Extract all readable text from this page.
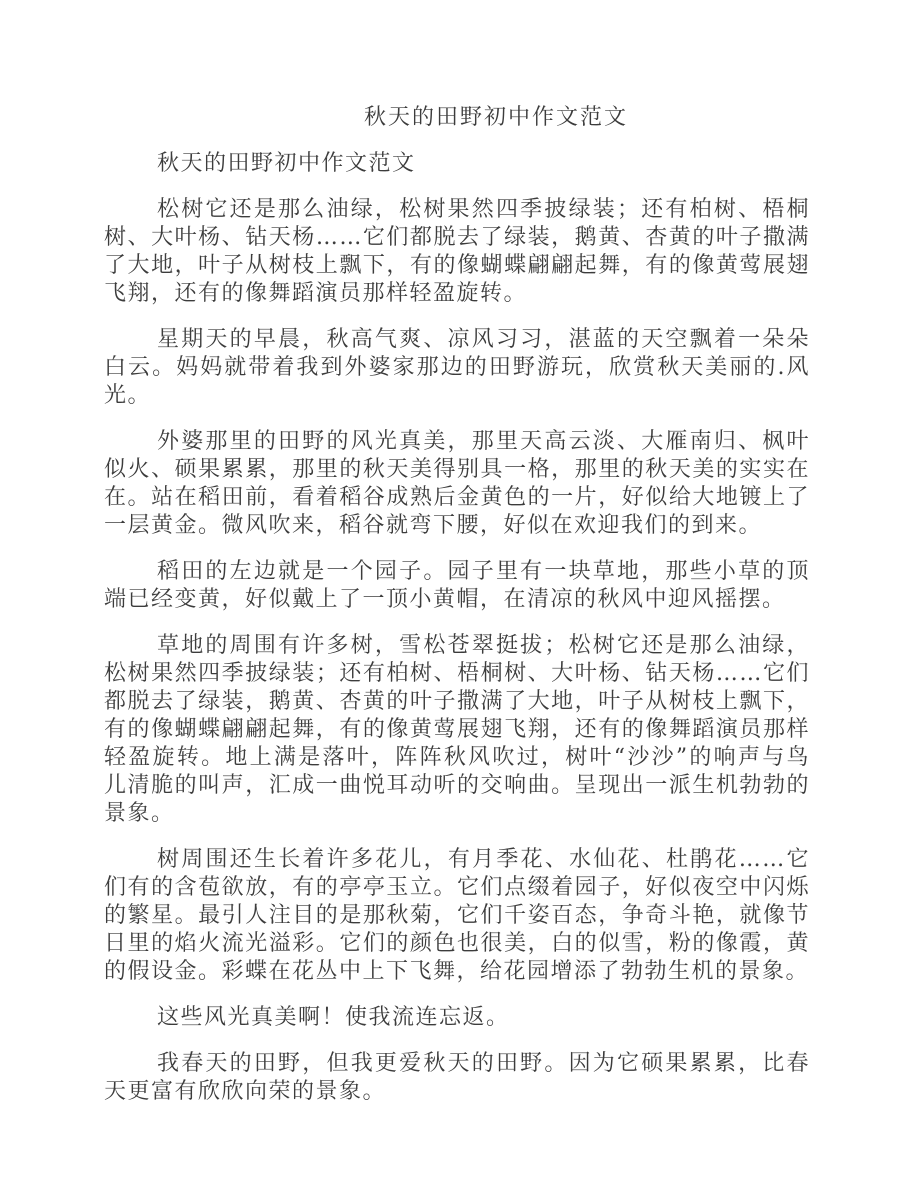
秋天的田野初中作文范文

秋天的田野初中作文范文

松树它还是那么油绿，松树果然四季披绿装；还有柏树、梧桐树、大叶杨、钻天杨……它们都脱去了绿装，鹅黄、杏黄的叶子撒满了大地，叶子从树枝上飘下，有的像蝴蝶翩翩起舞，有的像黄莺展翅飞翔，还有的像舞蹈演员那样轻盈旋转。

星期天的早晨，秋高气爽、凉风习习，湛蓝的天空飘着一朵朵白云。妈妈就带着我到外婆家那边的田野游玩，欣赏秋天美丽的.风光。

外婆那里的田野的风光真美，那里天高云淡、大雁南归、枫叶似火、硕果累累，那里的秋天美得别具一格，那里的秋天美的实实在在。站在稻田前，看着稻谷成熟后金黄色的一片，好似给大地镀上了一层黄金。微风吹来，稻谷就弯下腰，好似在欢迎我们的到来。

稻田的左边就是一个园子。园子里有一块草地，那些小草的顶端已经变黄，好似戴上了一顶小黄帽，在清凉的秋风中迎风摇摆。

草地的周围有许多树，雪松苍翠挺拔；松树它还是那么油绿，松树果然四季披绿装；还有柏树、梧桐树、大叶杨、钻天杨……它们都脱去了绿装，鹅黄、杏黄的叶子撒满了大地，叶子从树枝上飘下，有的像蝴蝶翩翩起舞，有的像黄莺展翅飞翔，还有的像舞蹈演员那样轻盈旋转。地上满是落叶，阵阵秋风吹过，树叶“沙沙”的响声与鸟儿清脆的叫声，汇成一曲悦耳动听的交响曲。呈现出一派生机勃勃的景象。

树周围还生长着许多花儿，有月季花、水仙花、杜鹃花……它们有的含苞欲放，有的亭亭玉立。它们点缀着园子，好似夜空中闪烁的繁星。最引人注目的是那秋菊，它们千姿百态，争奇斗艳，就像节日里的焰火流光溢彩。它们的颜色也很美，白的似雪，粉的像霞，黄的假设金。彩蝶在花丛中上下飞舞，给花园增添了勃勃生机的景象。

这些风光真美啊！使我流连忘返。

我春天的田野，但我更爱秋天的田野。因为它硕果累累，比春天更富有欣欣向荣的景象。
